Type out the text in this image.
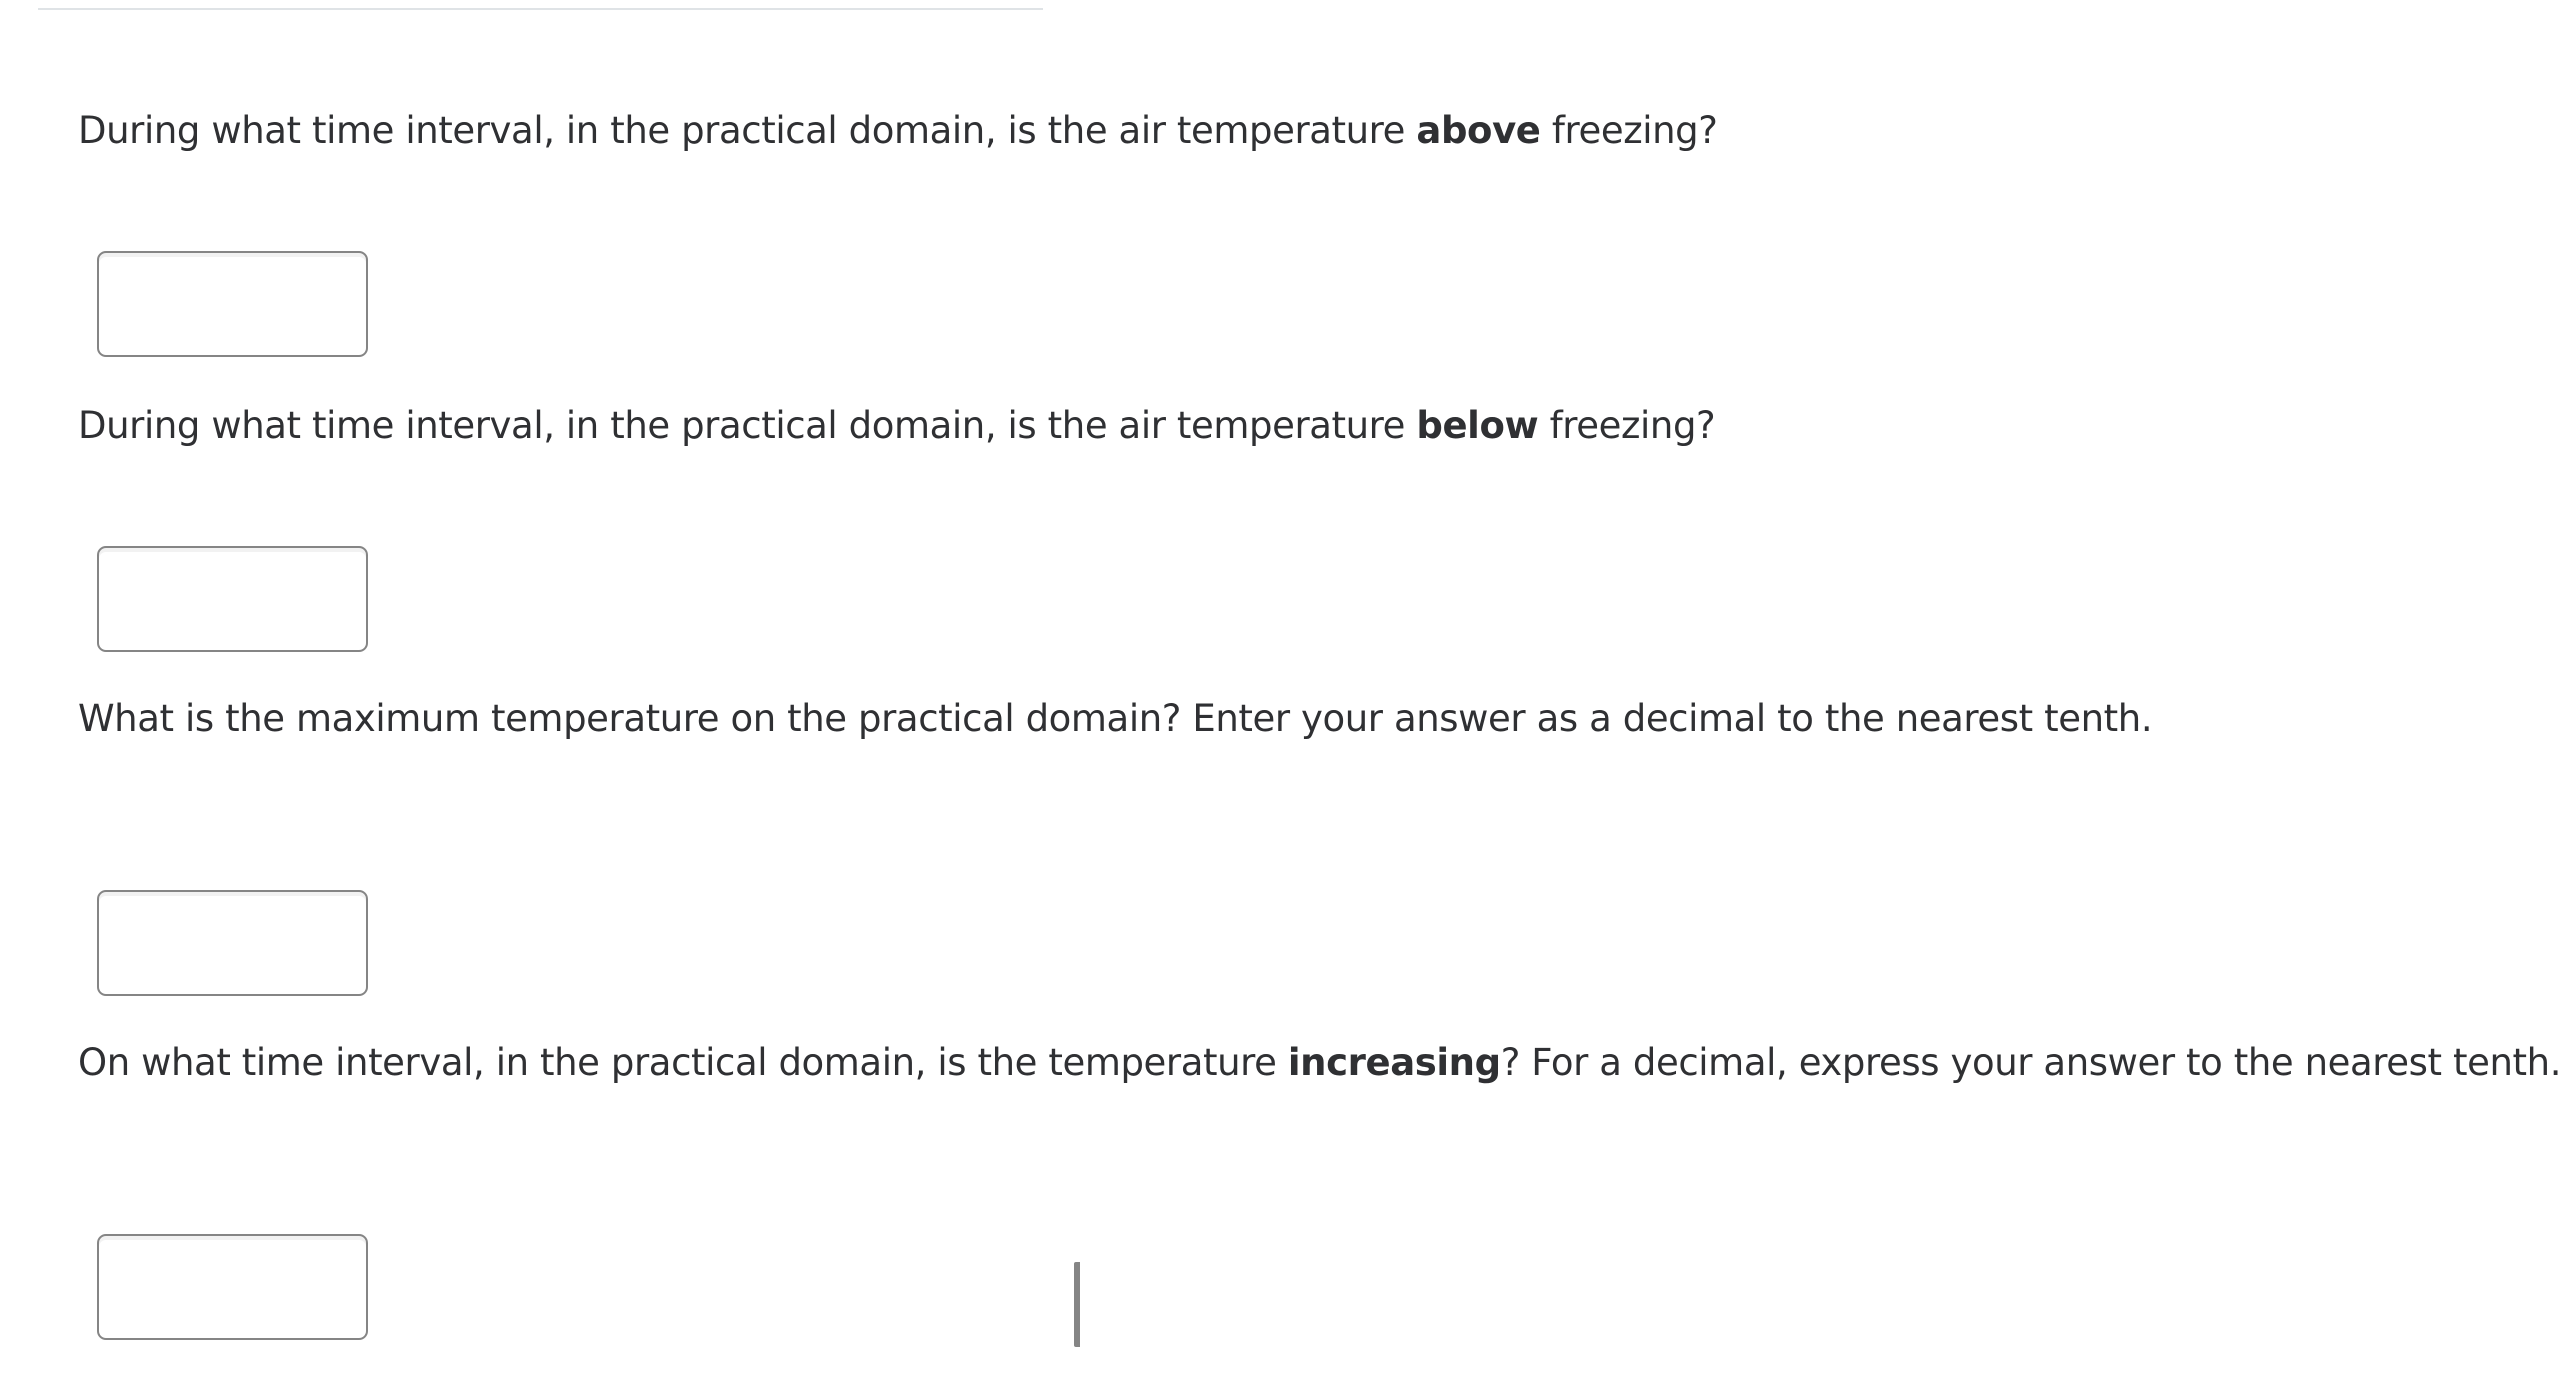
During what time interval, in the practical domain, is the air temperature above freezing?

During what time interval, in the practical domain, is the air temperature below freezing?

What is the maximum temperature on the practical domain? Enter your answer as a decimal to the nearest tenth.

On what time interval, in the practical domain, is the temperature increasing? For a decimal, express your answer to the nearest tenth.
